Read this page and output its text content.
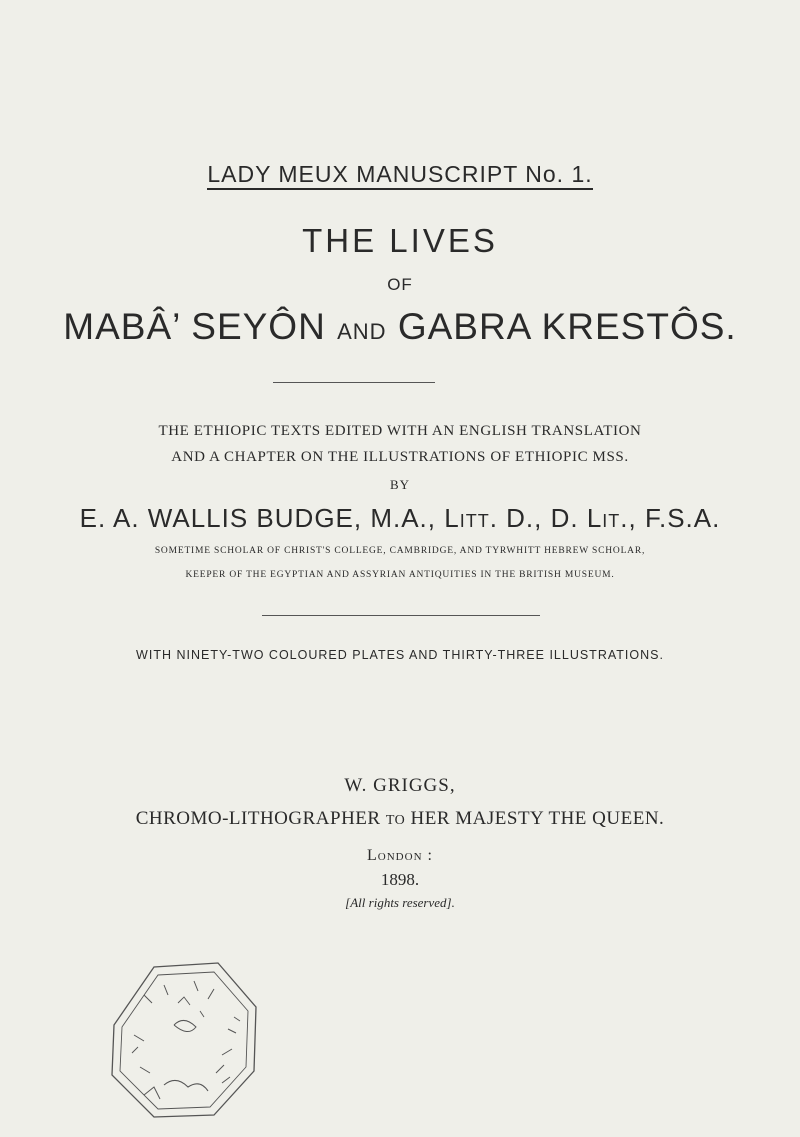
LADY MEUX MANUSCRIPT No. 1.
THE LIVES
OF
MABÂ’ SEYÔN AND GABRA KRESTÔS.
THE ETHIOPIC TEXTS EDITED WITH AN ENGLISH TRANSLATION
AND A CHAPTER ON THE ILLUSTRATIONS OF ETHIOPIC MSS.
BY
E. A. WALLIS BUDGE, M.A., Litt. D., D. Lit., F.S.A.
SOMETIME SCHOLAR OF CHRIST'S COLLEGE, CAMBRIDGE, AND TYRWHITT HEBREW SCHOLAR,
KEEPER OF THE EGYPTIAN AND ASSYRIAN ANTIQUITIES IN THE BRITISH MUSEUM.
WITH NINETY-TWO COLOURED PLATES AND THIRTY-THREE ILLUSTRATIONS.
W. GRIGGS,
CHROMO-LITHOGRAPHER TO HER MAJESTY THE QUEEN.
London :
1898.
[All rights reserved].
